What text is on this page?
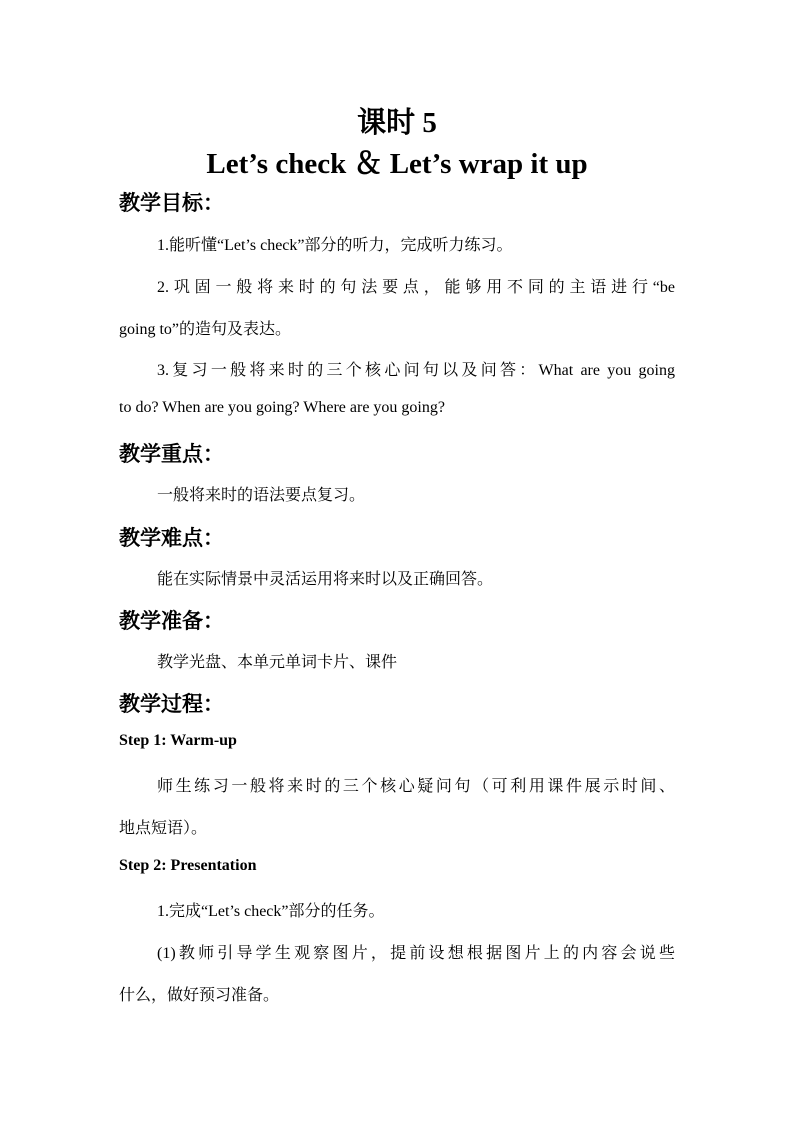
课时 5
Let’s check ＆ Let’s wrap it up
教学目标：
1.能听懂“Let’s check”部分的听力，完成听力练习。
2.巩固一般将来时的句法要点，能够用不同的主语进行“be
going to”的造句及表达。
3.复习一般将来时的三个核心问句以及问答：What are you going
to do? When are you going? Where are you going?
教学重点：
一般将来时的语法要点复习。
教学难点：
能在实际情景中灵活运用将来时以及正确回答。
教学准备：
教学光盘、本单元单词卡片、课件
教学过程：
Step 1: Warm-up
师生练习一般将来时的三个核心疑问句（可利用课件展示时间、
地点短语）。
Step 2: Presentation
1.完成“Let’s check”部分的任务。
(1)教师引导学生观察图片，提前设想根据图片上的内容会说些
什么，做好预习准备。
